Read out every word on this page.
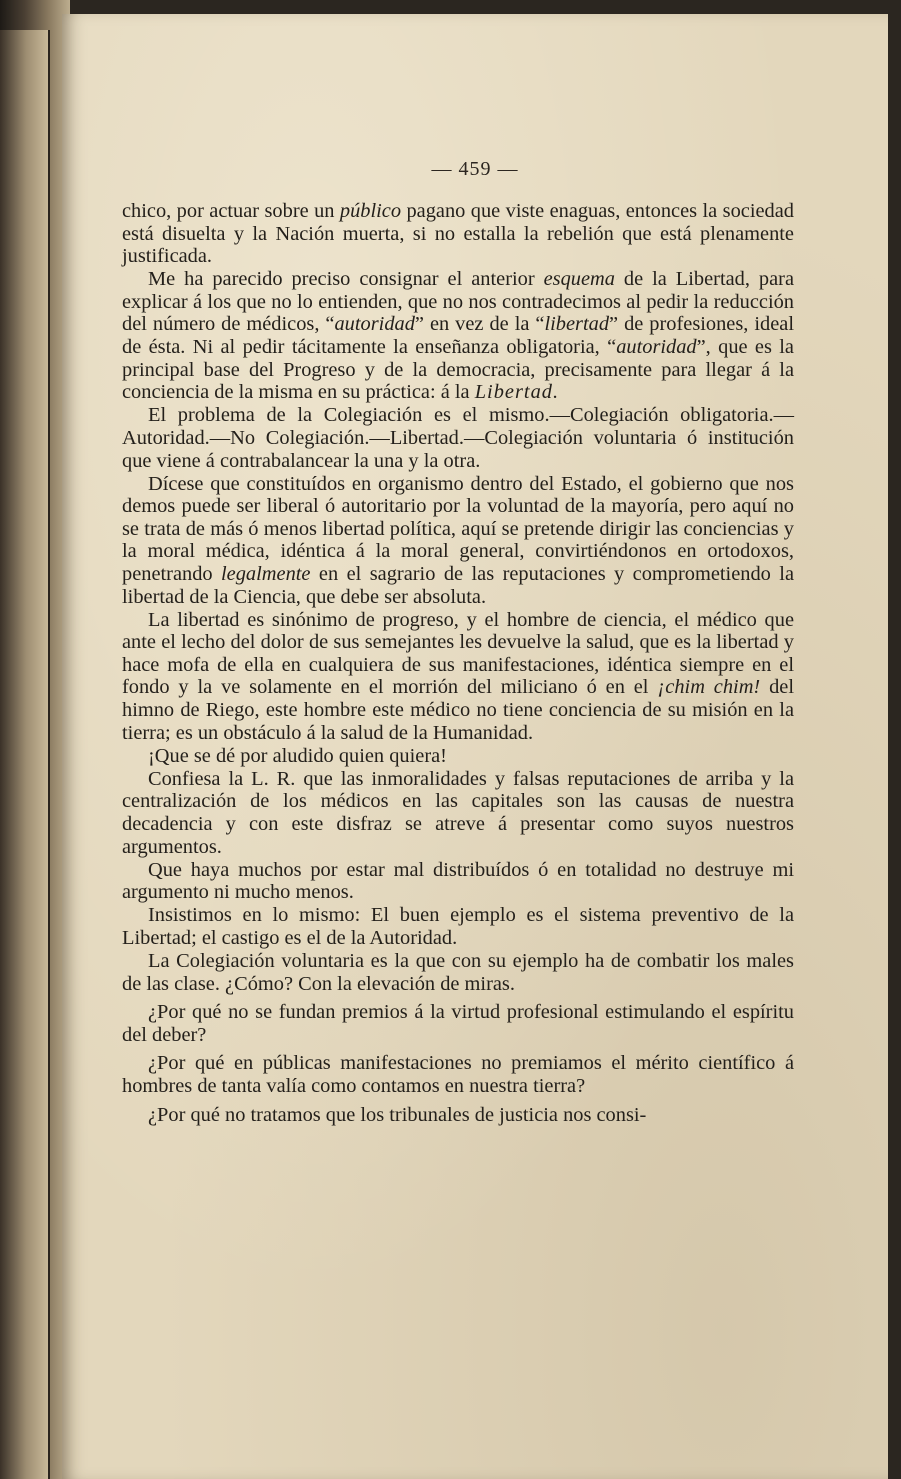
— 459 —

chico, por actuar sobre un público pagano que viste enaguas, entonces la sociedad está disuelta y la Nación muerta, si no estalla la rebelión que está plenamente justificada.

Me ha parecido preciso consignar el anterior esquema de la Libertad, para explicar á los que no lo entienden, que no nos contradecimos al pedir la reducción del número de médicos, “autoridad” en vez de la “libertad” de profesiones, ideal de ésta. Ni al pedir tácitamente la enseñanza obligatoria, “autoridad”, que es la principal base del Progreso y de la democracia, precisamente para llegar á la conciencia de la misma en su práctica: á la Libertad.

El problema de la Colegiación es el mismo.—Colegiación obligatoria.—Autoridad.—No Colegiación.—Libertad.—Colegiación voluntaria ó institución que viene á contrabalancear la una y la otra.

Dícese que constituídos en organismo dentro del Estado, el gobierno que nos demos puede ser liberal ó autoritario por la voluntad de la mayoría, pero aquí no se trata de más ó menos libertad política, aquí se pretende dirigir las conciencias y la moral médica, idéntica á la moral general, convirtiéndonos en ortodoxos, penetrando legalmente en el sagrario de las reputaciones y comprometiendo la libertad de la Ciencia, que debe ser absoluta.

La libertad es sinónimo de progreso, y el hombre de ciencia, el médico que ante el lecho del dolor de sus semejantes les devuelve la salud, que es la libertad y hace mofa de ella en cualquiera de sus manifestaciones, idéntica siempre en el fondo y la ve solamente en el morrión del miliciano ó en el ¡chim chim! del himno de Riego, este hombre este médico no tiene conciencia de su misión en la tierra; es un obstáculo á la salud de la Humanidad.

¡Que se dé por aludido quien quiera!

Confiesa la L. R. que las inmoralidades y falsas reputaciones de arriba y la centralización de los médicos en las capitales son las causas de nuestra decadencia y con este disfraz se atreve á presentar como suyos nuestros argumentos.

Que haya muchos por estar mal distribuídos ó en totalidad no destruye mi argumento ni mucho menos.

Insistimos en lo mismo: El buen ejemplo es el sistema preventivo de la Libertad; el castigo es el de la Autoridad.

La Colegiación voluntaria es la que con su ejemplo ha de combatir los males de las clase. ¿Cómo? Con la elevación de miras.

¿Por qué no se fundan premios á la virtud profesional estimulando el espíritu del deber?

¿Por qué en públicas manifestaciones no premiamos el mérito científico á hombres de tanta valía como contamos en nuestra tierra?

¿Por qué no tratamos que los tribunales de justicia nos consi-
